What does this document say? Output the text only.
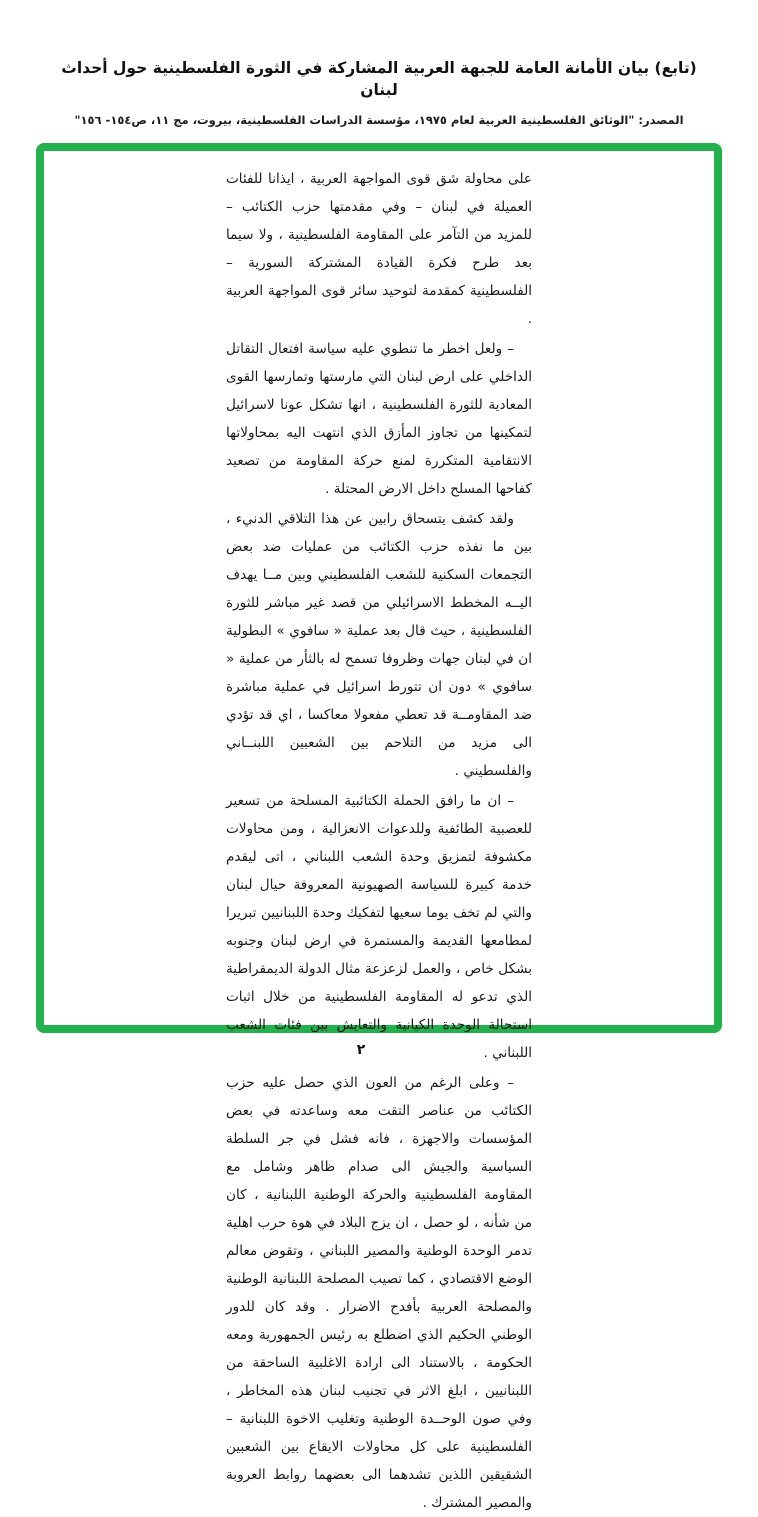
(تابع) بيان الأمانة العامة للجبهة العربية المشاركة في الثورة الفلسطينية حول أحداث لبنان
المصدر: "الوثائق الفلسطينية العربية لعام ١٩٧٥، مؤسسة الدراسات الفلسطينية، بيروت، مج ١١، ص١٥٤- ١٥٦"

على محاولة شق قوى المواجهة العربية ، ايذانا للفئات العميلة في لبنان – وفي مقدمتها حزب الكتائب – للمزيد من التآمر على المقاومة الفلسطينية ، ولا سيما بعد طرح فكرة القيادة المشتركة السورية – الفلسطينية كمقدمة لتوحيد سائر قوى المواجهة العربية .

– ولعل اخطر ما تنطوي عليه سياسة افتعال التقاتل الداخلي على ارض لبنان التي مارستها وتمارسها القوى المعادية للثورة الفلسطينية ، انها تشكل عونا لاسرائيل لتمكينها من تجاوز المأزق الذي انتهت اليه بمحاولاتها الانتقامية المتكررة لمنع حركة المقاومة من تصعيد كفاحها المسلح داخل الارض المحتلة .

ولقد كشف يتسحاق رابين عن هذا التلاقي الدنيء ، بين ما نفذه حزب الكتائب من عمليات ضد بعض التجمعات السكنية للشعب الفلسطيني وبين مــا يهدف اليــه المخطط الاسرائيلي من قصد غير مباشر للثورة الفلسطينية ، حيث قال بعد عملية « سافوي » البطولية ان في لبنان جهات وظروفا تسمح له بالثأر من عملية « سافوي » دون ان تتورط اسرائيل في عملية مباشرة ضد المقاومــة قد تعطي مفعولا معاكسا ، اي قد تؤدي الى مزيد من التلاحم بين الشعبين اللبنــاني والفلسطيني .

– ان ما رافق الحملة الكتائبية المسلحة من تسعير للعصبية الطائفية وللدعوات الانعزالية ، ومن محاولات مكشوفة لتمزيق وحدة الشعب اللبناني ، اتى ليقدم خدمة كبيرة للسياسة الصهيونية المعروفة حيال لبنان والتي لم تخف يوما سعيها لتفكيك وحدة اللبنانيين تبريرا لمطامعها القديمة والمستمرة في ارض لبنان وجنوبه بشكل خاص ، والعمل لزعزعة مثال الدولة الديمقراطية الذي تدعو له المقاومة الفلسطينية من خلال اثبات استحالة الوحدة الكيانية والتعايش بين فئات الشعب اللبناني .

– وعلى الرغم من العون الذي حصل عليه حزب الكتائب من عناصر التقت معه وساعدته في بعض المؤسسات والاجهزة ، فانه فشل في جر السلطة السياسية والجيش الى صدام ظاهر وشامل مع المقاومة الفلسطينية والحركة الوطنية اللبنانية ، كان من شأنه ، لو حصل ، ان يزج البلاد في هوة حرب اهلية تدمر الوحدة الوطنية والمصير اللبناني ، وتقوض معالم الوضع الاقتصادي ، كما تصيب المصلحة اللبنانية الوطنية والمصلحة العربية بأفدح الاضرار . وقد كان للدور الوطني الحكيم الذي اضطلع به رئيس الجمهورية ومعه الحكومة ، بالاستناد الى ارادة الاغلبية الساحقة من اللبنانيين ، ابلغ الاثر في تجنيب لبنان هذه المخاطر ، وفي صون الوحــدة الوطنية وتغليب الاخوة اللبنانية – الفلسطينية على كل محاولات الايقاع بين الشعبين الشقيقين اللذين تشدهما الى بعضهما روابط العروبة والمصير المشترك .

٢
